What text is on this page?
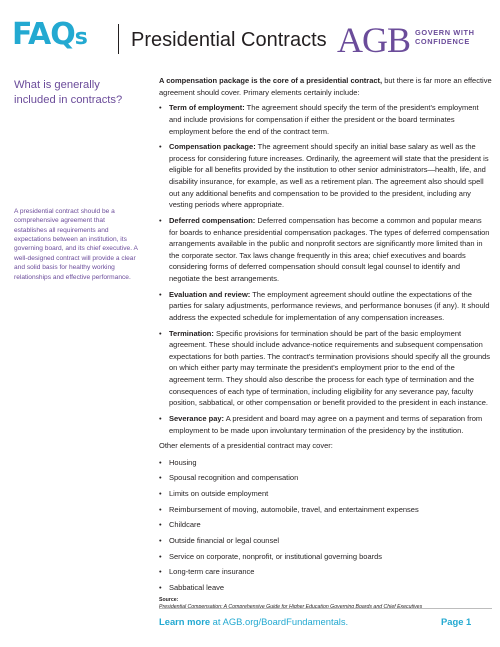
FAQs Presidential Contracts AGB GOVERN WITH
CONFIDENCE
What is generally included in contracts?
A presidential contract should be a comprehensive agreement that establishes all requirements and expectations between an institution, its governing board, and its chief executive. A well-designed contract will provide a clear and solid basis for healthy working relationships and effective performance.

A compensation package is the core of a presidential contract, but there is far more an effective agreement should cover. Primary elements certainly include:

• Term of employment: The agreement should specify the term of the president's employment and include provisions for compensation if either the president or the board terminates employment before the end of the contract term.
• Compensation package: The agreement should specify an initial base salary as well as the process for considering future increases. Ordinarily, the agreement will state that the president is eligible for all benefits provided by the institution to other senior administrators—health, life, and disability insurance, for example, as well as a retirement plan. The agreement also should spell out any additional benefits and compensation to be provided to the president, including any vesting periods where appropriate.
• Deferred compensation: Deferred compensation has become a common and popular means for boards to enhance presidential compensation packages. The types of deferred compensation arrangements available in the public and nonprofit sectors are significantly more limited than in the corporate sector. Tax laws change frequently in this area; chief executives and boards considering forms of deferred compensation should consult legal counsel to identify and negotiate the best arrangements.
• Evaluation and review: The employment agreement should outline the expectations of the parties for salary adjustments, performance reviews, and performance bonuses (if any). It should address the expected schedule for implementation of any compensation increases.
• Termination: Specific provisions for termination should be part of the basic employment agreement. These should include advance-notice requirements and subsequent compensation expectations for both parties. The contract's termination provisions should specify all the grounds on which either party may terminate the president's employment prior to the end of the agreement term. They should also describe the process for each type of termination and the consequences of each type of termination, including eligibility for any severance pay, faculty position, sabbatical, or other compensation or benefit provided to the president in each instance.
• Severance pay: A president and board may agree on a payment and terms of separation from employment to be made upon involuntary termination of the presidency by the institution.

Other elements of a presidential contract may cover:

• Housing
• Spousal recognition and compensation
• Limits on outside employment
• Reimbursement of moving, automobile, travel, and entertainment expenses
• Childcare
• Outside financial or legal counsel
• Service on corporate, nonprofit, or institutional governing boards
• Long-term care insurance
• Sabbatical leave
Source:
Learn more at AGB.org/BoardFundamentals.	Page 1
